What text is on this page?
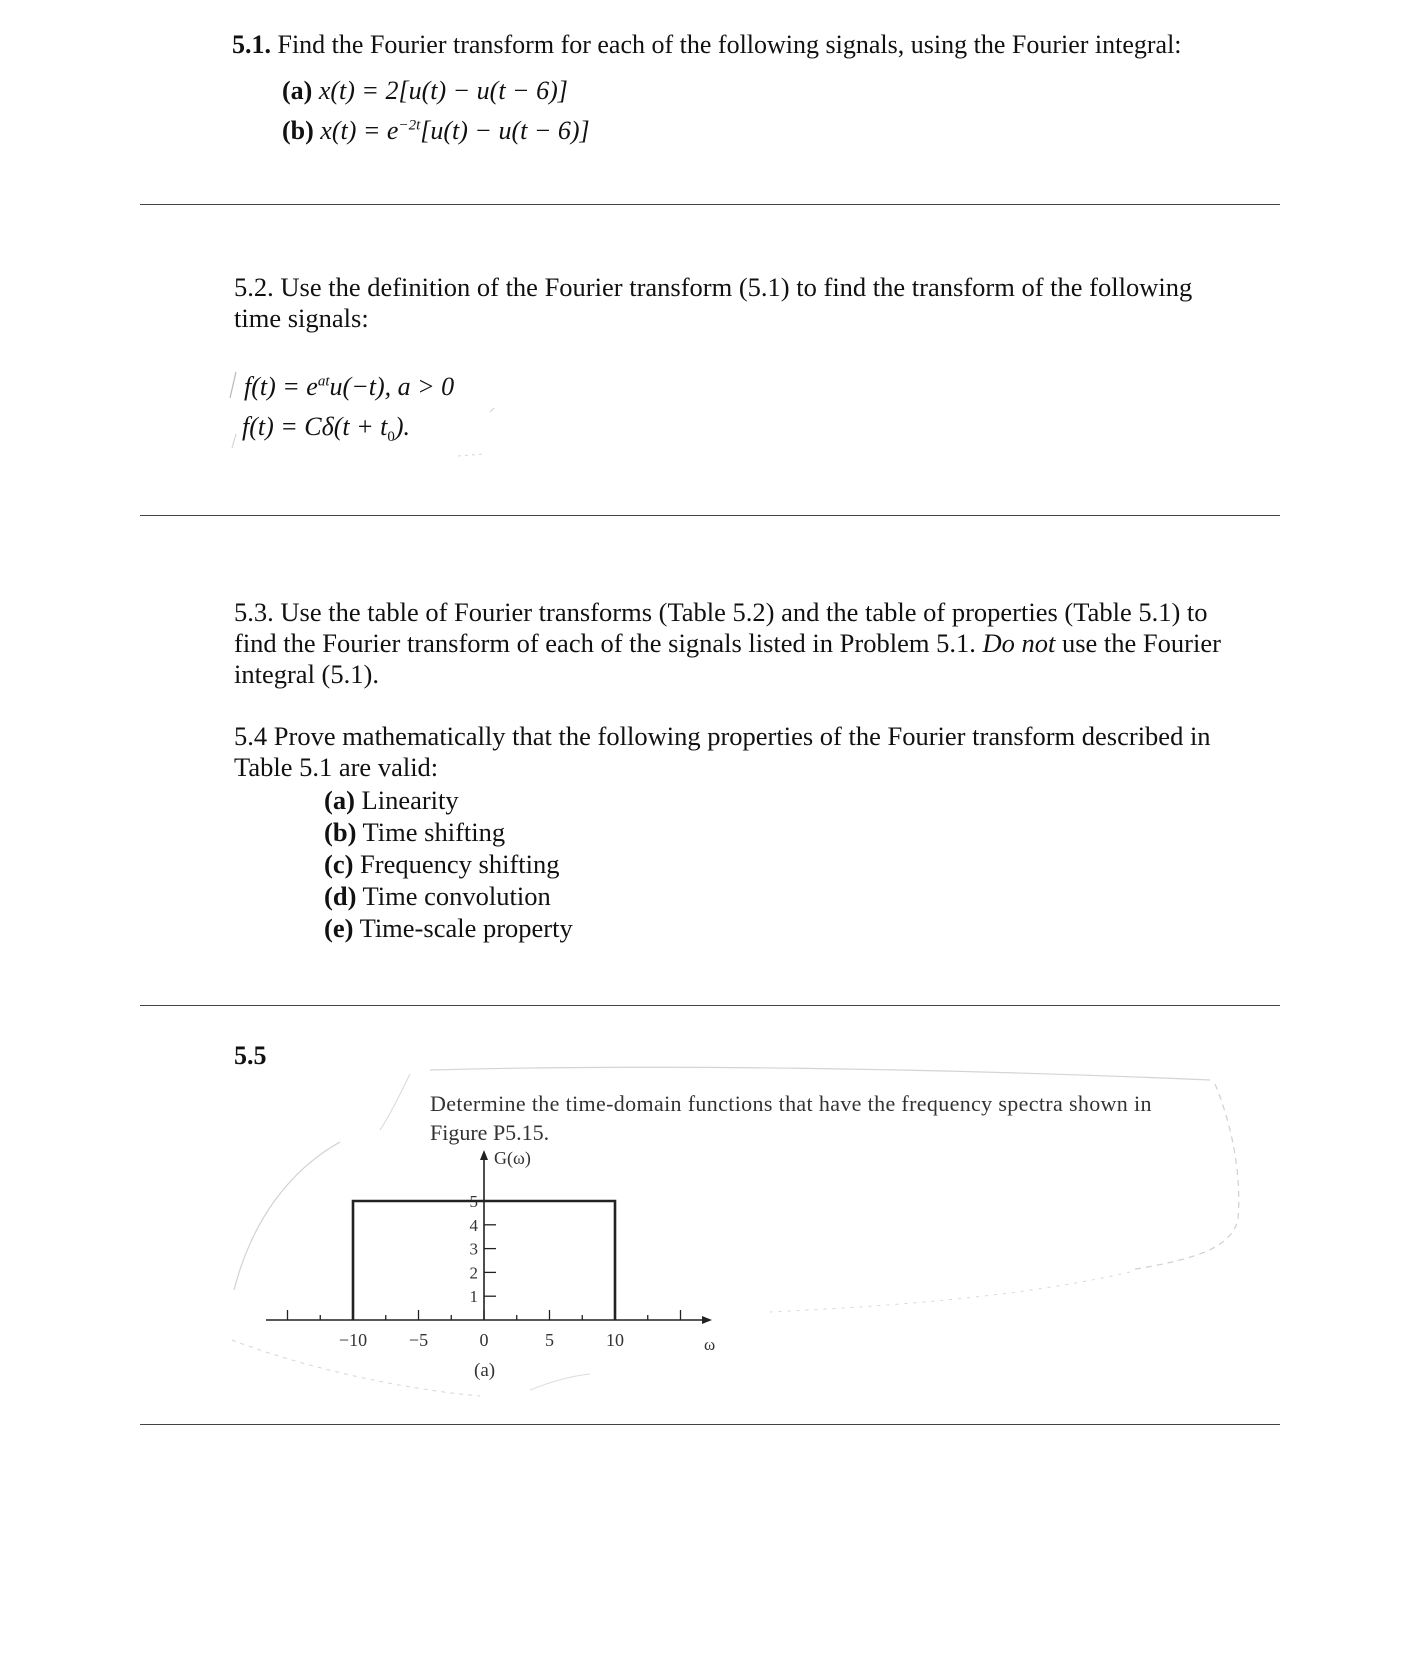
5.1. Find the Fourier transform for each of the following signals, using the Fourier integral:
(a) x(t) = 2[u(t) − u(t − 6)]
(b) $x(t) = e^{-2t}[u(t) - u(t - 6)]$
5.2. Use the definition of the Fourier transform (5.1) to find the transform of the following
time signals:
$f(t) = e^{at}u(-t)$, a > 0
$f(t) = C\delta(t + t_0)$.
5.3. Use the table of Fourier transforms (Table 5.2) and the table of properties (Table 5.1) to
find the Fourier transform of each of the signals listed in Problem 5.1. Do not use the Fourier
integral (5.1).
5.4 Prove mathematically that the following properties of the Fourier transform described in
Table 5.1 are valid:
(a) Linearity
(b) Time shifting
(c) Frequency shifting
(d) Time convolution
(e) Time-scale property
5.5
Determine the time-domain functions that have the frequency spectra shown in
Figure P5.15.
G(ω)
ω
(a)
−10 −5	0	5	10
1
2
3
4
5
